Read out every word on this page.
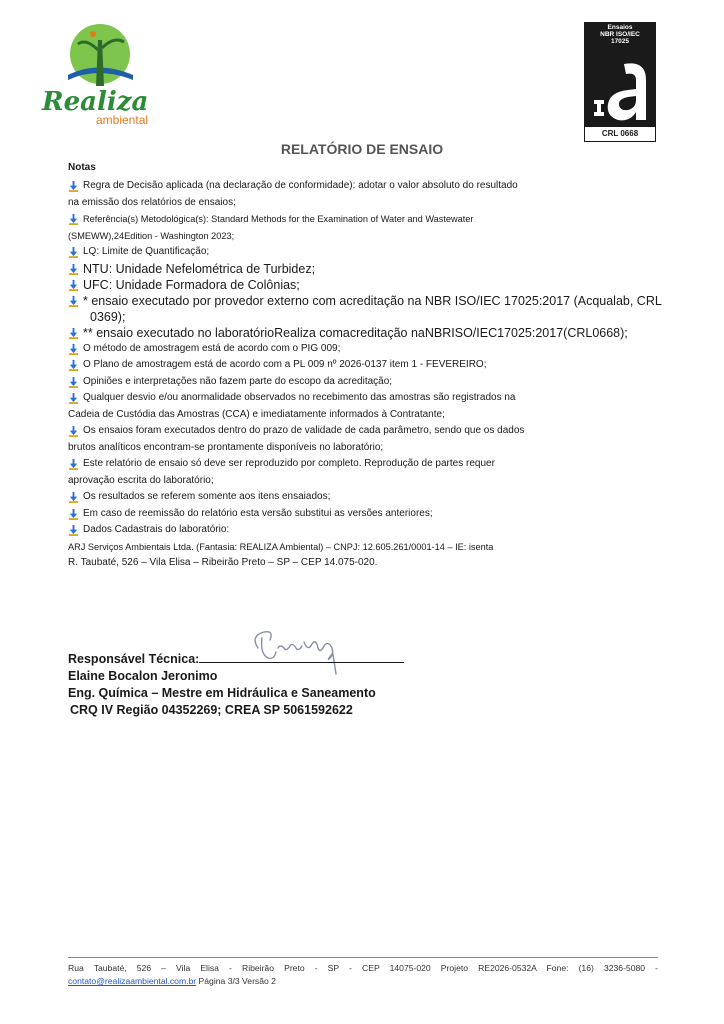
Realiza
ambiental
Ensaios
NBR ISO/IEC
17025
CRL 0668
RELATÓRIO DE ENSAIO
Notas
Regra de Decisão aplicada (na declaração de conformidade): adotar o valor absoluto do resultado
na emissão dos relatórios de ensaios;
Referência(s) Metodológica(s): Standard Methods for the Examination of Water and Wastewater
(SMEWW),24Edition - Washington 2023;
LQ: Limite de Quantificação;
NTU: Unidade Nefelométrica de Turbidez;
UFC: Unidade Formadora de Colônias;
* ensaio executado por provedor externo com acreditação na NBR ISO/IEC 17025:2017 (Acqualab, CRL
0369);
** ensaio executado no laboratórioRealiza comacreditação naNBRISO/IEC17025:2017(CRL0668);
O método de amostragem está de acordo com o PIG 009;
O Plano de amostragem está de acordo com a PL 009 nº 2026-0137 item 1 - FEVEREIRO;
Opiniões e interpretações não fazem parte do escopo da acreditação;
Qualquer desvio e/ou anormalidade observados no recebimento das amostras são registrados na
Cadeia de Custódia das Amostras (CCA) e imediatamente informados à Contratante;
Os ensaios foram executados dentro do prazo de validade de cada parâmetro, sendo que os dados
brutos analíticos encontram-se prontamente disponíveis no laboratório;
Este relatório de ensaio só deve ser reproduzido por completo. Reprodução de partes requer
aprovação escrita do laboratório;
Os resultados se referem somente aos itens ensaiados;
Em caso de reemissão do relatório esta versão substitui as versões anteriores;
Dados Cadastrais do laboratório:
ARJ Serviços Ambientais Ltda. (Fantasia: REALIZA Ambiental) – CNPJ: 12.605.261/0001-14 – IE: isenta
R. Taubaté, 526 – Vila Elisa – Ribeirão Preto – SP – CEP 14.075-020.
Responsável Técnica:
Elaine Bocalon Jeronimo
Eng. Química – Mestre em Hidráulica e Saneamento
CRQ IV Região 04352269; CREA SP 5061592622
Rua Taubaté, 526 – Vila Elisa - Ribeirão Preto - SP - CEP 14075-020 Projeto RE2026-0532A Fone: (16) 3236-5080 -
contato@realizaambiental.com.br Página 3/3 Versão 2
